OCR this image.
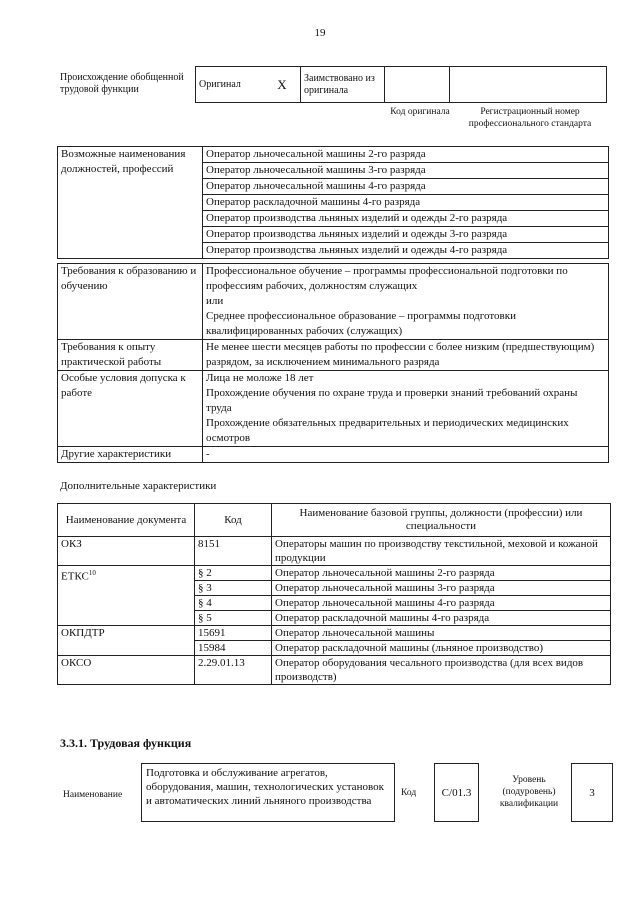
19
Происхождение обобщенной трудовой функции	Оригинал	X	Заимствовано из оригинала		
Код оригинала	Регистрационный номер профессионального стандарта
Возможные наименования должностей, профессий	
Оператор льночесальной машины 2-го разряда
Оператор льночесальной машины 3-го разряда
Оператор льночесальной машины 4-го разряда
Оператор раскладочной машины 4-го разряда
Оператор производства льняных изделий и одежды 2-го разряда
Оператор производства льняных изделий и одежды 3-го разряда
Оператор производства льняных изделий и одежды 4-го разряда
Требования к образованию и обучению	Профессиональное обучение – программы профессиональной подготовки по профессиям рабочих, должностям служащих
или
Среднее профессиональное образование – программы подготовки квалифицированных рабочих (служащих)

Требования к опыту практической работы	Не менее шести месяцев работы по профессии с более низким (предшествующим) разрядом, за исключением минимального разряда
Особые условия допуска к работе	Лица не моложе 18 лет
Прохождение обучения по охране труда и проверки знаний требований охраны труда
Прохождение обязательных предварительных и периодических медицинских осмотров

Другие характеристики	-
Дополнительные характеристики
Наименование документа	Код	Наименование базовой группы, должности (профессии) или специальности
ОКЗ	8151	Операторы машин по производству текстильной, меховой и кожаной продукции
ЕТКС$^{10}$	§ 2	Оператор льночесальной машины 2-го разряда
	§ 3	Оператор льночесальной машины 3-го разряда
	§ 4	Оператор льночесальной машины 4-го разряда
	§ 5	Оператор раскладочной машины 4-го разряда
ОКПДТР	15691	Оператор льночесальной машины
	15984	Оператор раскладочной машины (льняное производство)
ОКСО	2.29.01.13	Оператор оборудования чесального производства (для всех видов производств)
3.3.1. Трудовая функция
Наименование
Подготовка и обслуживание агрегатов, оборудования, машин, технологических установок и автоматических линий льняного производства
Код	C/01.3
Уровень (подуровень) квалификации
3
